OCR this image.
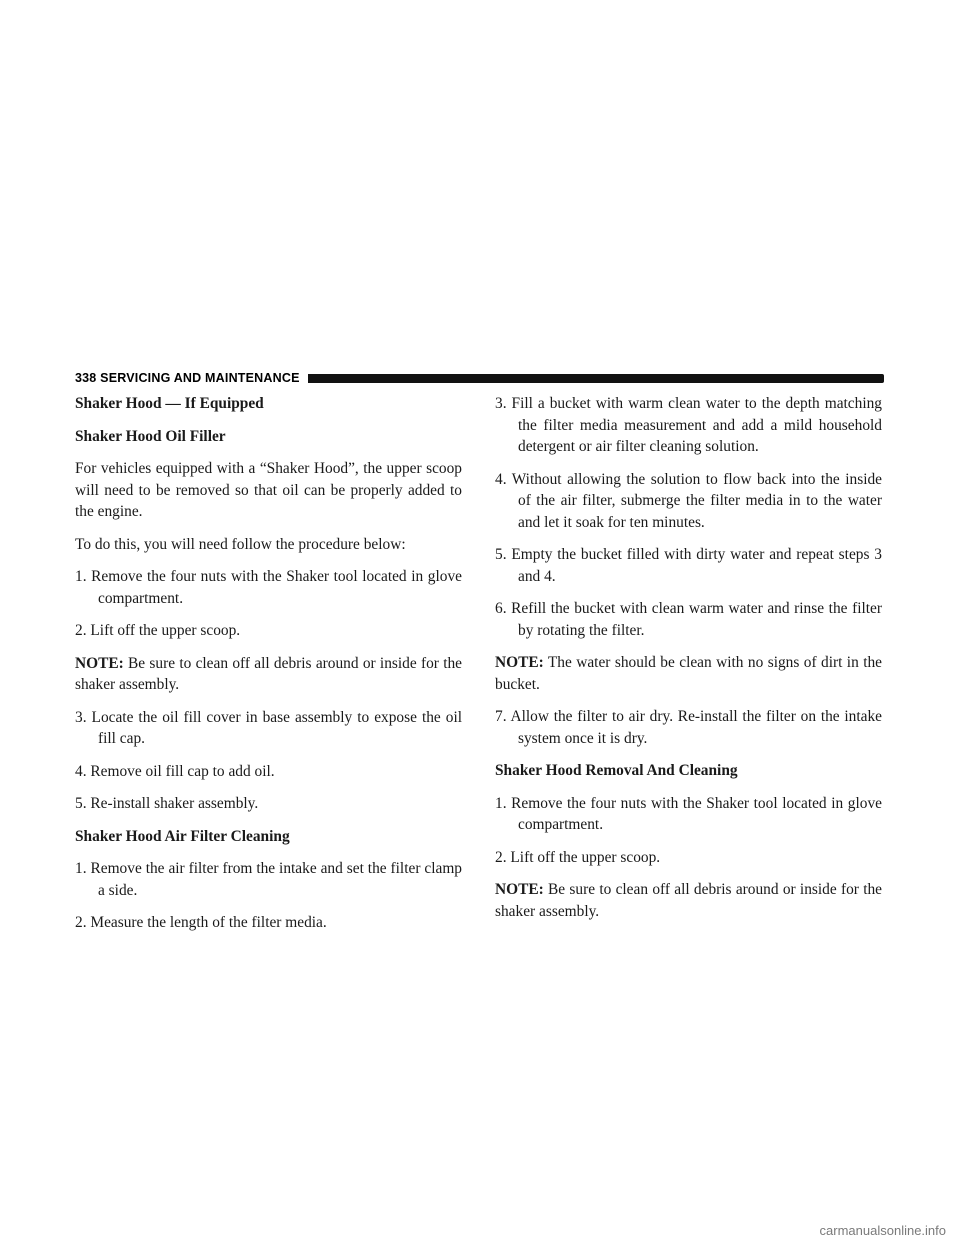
338 SERVICING AND MAINTENANCE

Shaker Hood — If Equipped

Shaker Hood Oil Filler

For vehicles equipped with a “Shaker Hood”, the upper scoop will need to be removed so that oil can be properly added to the engine.

To do this, you will need follow the procedure below:

1. Remove the four nuts with the Shaker tool located in glove compartment.

2. Lift off the upper scoop.

NOTE: Be sure to clean off all debris around or inside for the shaker assembly.

3. Locate the oil fill cover in base assembly to expose the oil fill cap.

4. Remove oil fill cap to add oil.

5. Re-install shaker assembly.

Shaker Hood Air Filter Cleaning

1. Remove the air filter from the intake and set the filter clamp a side.

2. Measure the length of the filter media.

3. Fill a bucket with warm clean water to the depth matching the filter media measurement and add a mild household detergent or air filter cleaning solution.

4. Without allowing the solution to flow back into the inside of the air filter, submerge the filter media in to the water and let it soak for ten minutes.

5. Empty the bucket filled with dirty water and repeat steps 3 and 4.

6. Refill the bucket with clean warm water and rinse the filter by rotating the filter.

NOTE: The water should be clean with no signs of dirt in the bucket.

7. Allow the filter to air dry. Re-install the filter on the intake system once it is dry.

Shaker Hood Removal And Cleaning

1. Remove the four nuts with the Shaker tool located in glove compartment.

2. Lift off the upper scoop.

NOTE: Be sure to clean off all debris around or inside for the shaker assembly.

carmanualsonline.info
